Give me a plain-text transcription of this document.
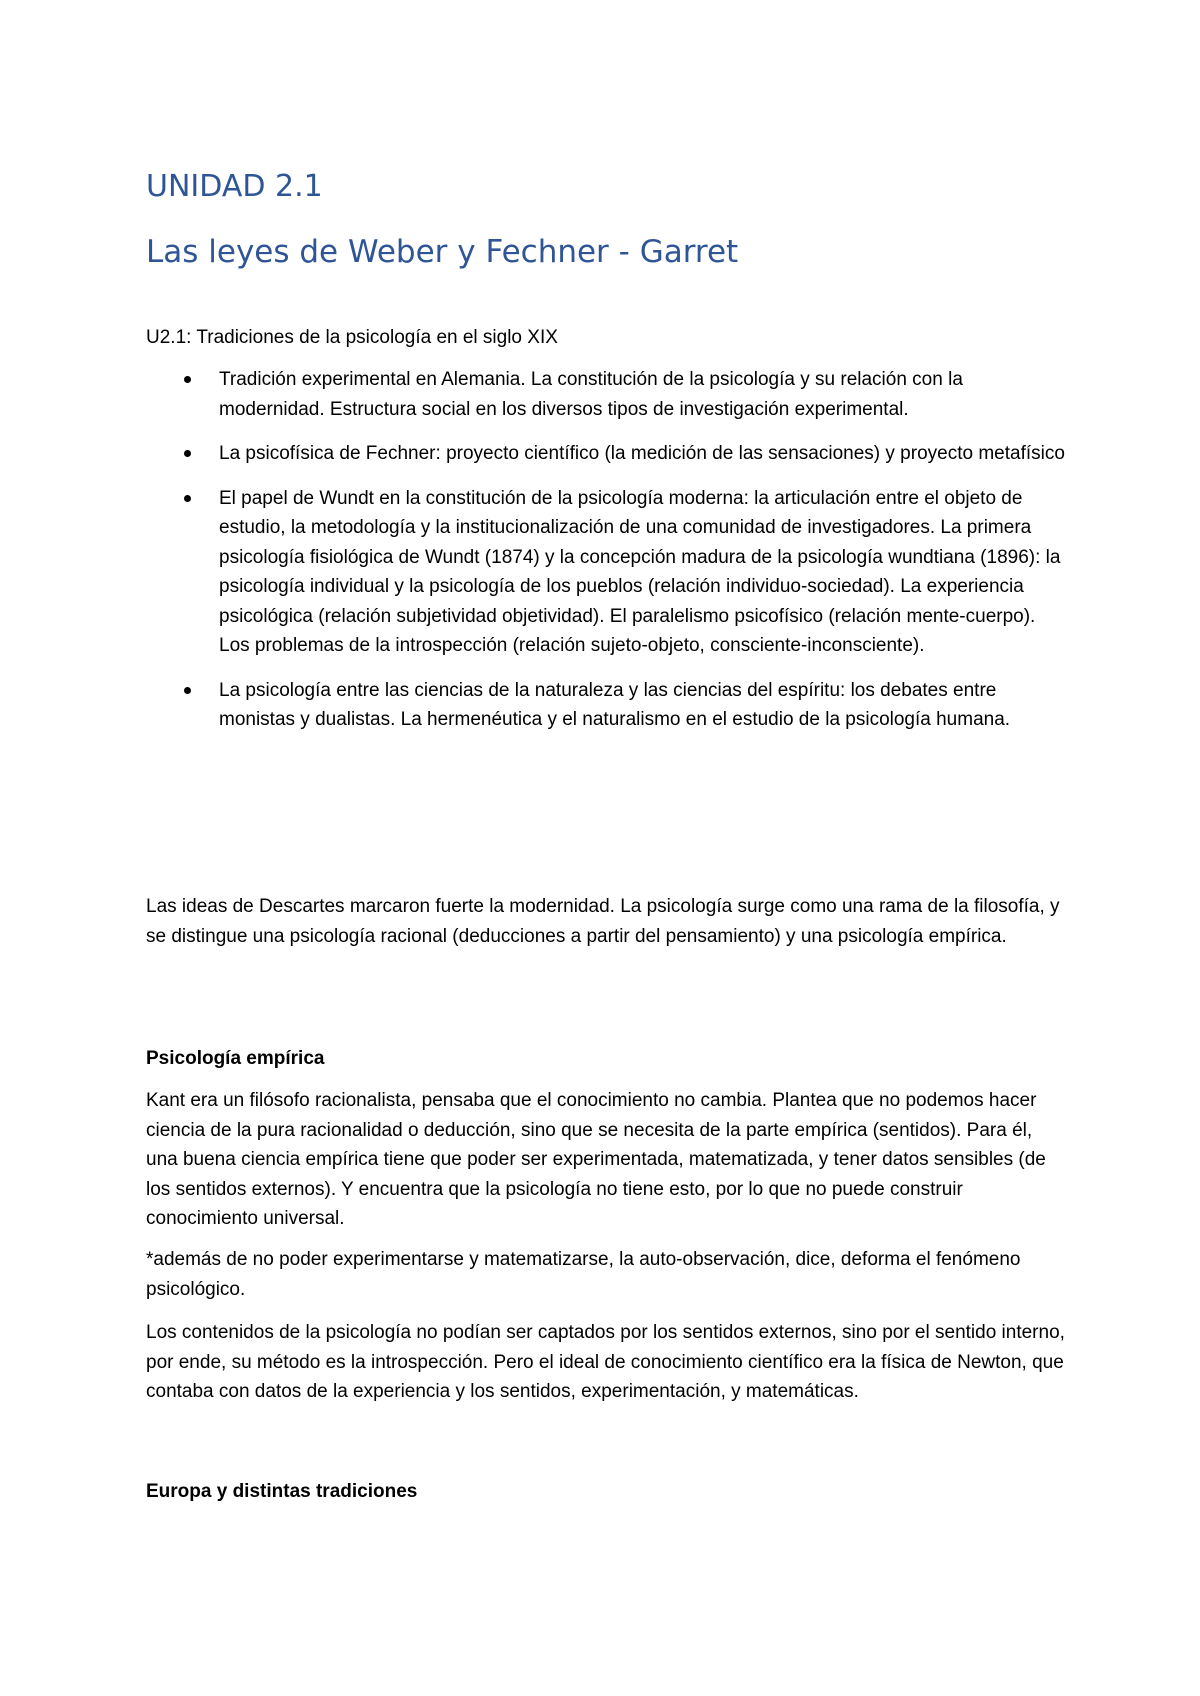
UNIDAD 2.1
Las leyes de Weber y Fechner - Garret

U2.1: Tradiciones de la psicología en el siglo XIX

Tradición experimental en Alemania. La constitución de la psicología y su relación con la modernidad. Estructura social en los diversos tipos de investigación experimental.
La psicofísica de Fechner: proyecto científico (la medición de las sensaciones) y proyecto metafísico
El papel de Wundt en la constitución de la psicología moderna: la articulación entre el objeto de estudio, la metodología y la institucionalización de una comunidad de investigadores. La primera psicología fisiológica de Wundt (1874) y la concepción madura de la psicología wundtiana (1896): la psicología individual y la psicología de los pueblos (relación individuo-sociedad). La experiencia psicológica (relación subjetividad objetividad). El paralelismo psicofísico (relación mente-cuerpo). Los problemas de la introspección (relación sujeto-objeto, consciente-inconsciente).
La psicología entre las ciencias de la naturaleza y las ciencias del espíritu: los debates entre monistas y dualistas. La hermenéutica y el naturalismo en el estudio de la psicología humana.

Las ideas de Descartes marcaron fuerte la modernidad. La psicología surge como una rama de la filosofía, y se distingue una psicología racional (deducciones a partir del pensamiento) y una psicología empírica.

Psicología empírica

Kant era un filósofo racionalista, pensaba que el conocimiento no cambia. Plantea que no podemos hacer ciencia de la pura racionalidad o deducción, sino que se necesita de la parte empírica (sentidos). Para él, una buena ciencia empírica tiene que poder ser experimentada, matematizada, y tener datos sensibles (de los sentidos externos). Y encuentra que la psicología no tiene esto, por lo que no puede construir conocimiento universal.

*además de no poder experimentarse y matematizarse, la auto-observación, dice, deforma el fenómeno psicológico.

Los contenidos de la psicología no podían ser captados por los sentidos externos, sino por el sentido interno, por ende, su método es la introspección. Pero el ideal de conocimiento científico era la física de Newton, que contaba con datos de la experiencia y los sentidos, experimentación, y matemáticas.

Europa y distintas tradiciones
